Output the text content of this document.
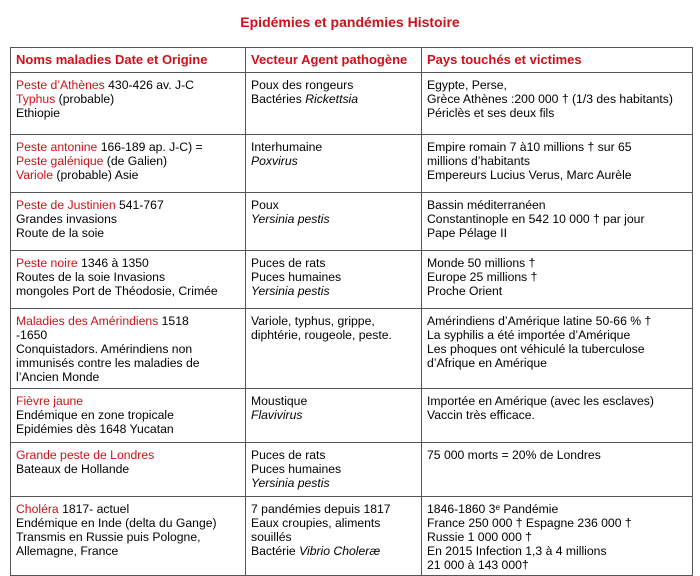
Epidémies et pandémies Histoire
Noms maladies Date et Origine	Vecteur Agent pathogène	Pays touchés et victimes

Peste d’Athènes 430-426 av. J-C
Typhus (probable)
Ethiopie	Poux des rongeurs
Bactéries Rickettsia	Egypte, Perse,
Grèce Athènes :200 000 † (1/3 des habitants)
Périclès et ses deux fils

Peste antonine 166-189 ap. J-C) =
Peste galénique (de Galien)
Variole (probable) Asie	Interhumaine
Poxvirus	Empire romain 7 à10 millions † sur 65
millions d’habitants
Empereurs Lucius Verus, Marc Aurèle

Peste de Justinien 541-767
Grandes invasions
Route de la soie	Poux
Yersinia pestis	Bassin méditerranéen
Constantinople en 542 10 000 † par jour
Pape Pélage II

Peste noire 1346 à 1350
Routes de la soie Invasions
mongoles Port de Théodosie, Crimée	Puces de rats
Puces humaines
Yersinia pestis	Monde 50 millions †
Europe 25 millions †
Proche Orient

Maladies des Amérindiens 1518
-1650
Conquistadors. Amérindiens non
immunisés contre les maladies de
l’Ancien Monde	Variole, typhus, grippe,
diphtérie, rougeole, peste.	Amérindiens d’Amérique latine 50-66 % †
La syphilis a été importée d’Amérique
Les phoques ont véhiculé la tuberculose
d’Afrique en Amérique

Fièvre jaune
Endémique en zone tropicale
Epidémies dès 1648 Yucatan	Moustique
Flavivirus	Importée en Amérique (avec les esclaves)
Vaccin très efficace.

Grande peste de Londres
Bateaux de Hollande	Puces de rats
Puces humaines
Yersinia pestis	75 000 morts = 20% de Londres

Choléra 1817- actuel
Endémique en Inde (delta du Gange)
Transmis en Russie puis Pologne,
Allemagne, France	7 pandémies depuis 1817
Eaux croupies, aliments
souillés
Bactérie Vibrio Choleræ	1846-1860 3ᵉ Pandémie
France 250 000 † Espagne 236 000 †
Russie 1 000 000 †
En 2015 Infection 1,3 à 4 millions
21 000 à 143 000†
